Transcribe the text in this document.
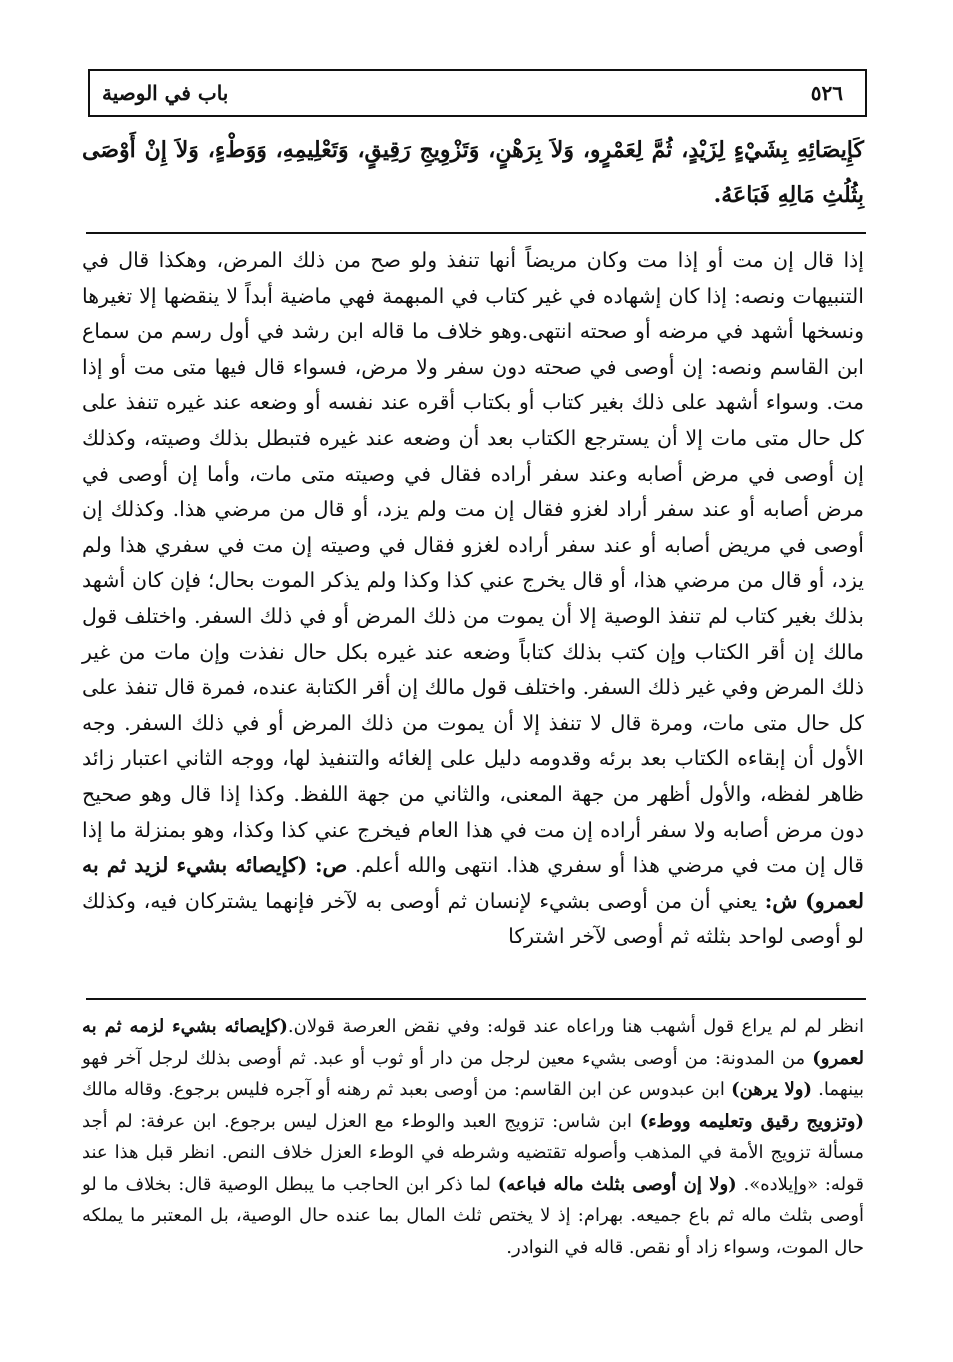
باب في الوصية	٥٢٦
كَإِيصَائِهِ بِشَيْءٍ لِزَيْدٍ، ثُمَّ لِعَمْرٍو، وَلاَ بِرَهْنٍ، وَتَزْوِيجِ رَقِيقٍ، وَتَعْلِيمِهِ، وَوَطْءٍ، وَلاَ إِنْ أَوْصَى بِثُلُثِ مَالِهِ فَبَاعَهُ.
إذا قال إن مت أو إذا مت وكان مريضاً أنها تنفذ ولو صح من ذلك المرض، وهكذا قال في التنبيهات ونصه: إذا كان إشهاده في غير كتاب في المبهمة فهي ماضية أبداً لا ينقضها إلا تغيرها ونسخها أشهد في مرضه أو صحته انتهى.وهو خلاف ما قاله ابن رشد في أول رسم من سماع ابن القاسم ونصه: إن أوصى في صحته دون سفر ولا مرض، فسواء قال فيها متى مت أو إذا مت. وسواء أشهد على ذلك بغير كتاب أو بكتاب أقره عند نفسه أو وضعه عند غيره تنفذ على كل حال متى مات إلا أن يسترجع الكتاب بعد أن وضعه عند غيره فتبطل بذلك وصيته، وكذلك إن أوصى في مرض أصابه وعند سفر أراده فقال في وصيته متى مات، وأما إن أوصى في مرض أصابه أو عند سفر أراد لغزو فقال إن مت ولم يزد، أو قال من مرضي هذا. وكذلك إن أوصى في مريض أصابه أو عند سفر أراده لغزو فقال في وصيته إن مت في سفري هذا ولم يزد، أو قال من مرضي هذا، أو قال يخرج عني كذا وكذا ولم يذكر الموت بحال؛ فإن كان أشهد بذلك بغير كتاب لم تنفذ الوصية إلا أن يموت من ذلك المرض أو في ذلك السفر. واختلف قول مالك إن أقر الكتاب وإن كتب بذلك كتاباً وضعه عند غيره بكل حال نفذت وإن مات من غير ذلك المرض وفي غير ذلك السفر. واختلف قول مالك إن أقر الكتابة عنده، فمرة قال تنفذ على كل حال متى مات، ومرة قال لا تنفذ إلا أن يموت من ذلك المرض أو في ذلك السفر. وجه الأول أن إبقاءه الكتاب بعد برئه وقدومه دليل على إلغائه والتنفيذ لها، ووجه الثاني اعتبار زائد ظاهر لفظه، والأول أظهر من جهة المعنى، والثاني من جهة اللفظ. وكذا إذا قال وهو صحيح دون مرض أصابه ولا سفر أراده إن مت في هذا العام فيخرج عني كذا وكذا، وهو بمنزلة ما إذا قال إن مت في مرضي هذا أو سفري هذا. انتهى والله أعلم. ص: (كإيصائه بشيء لزيد ثم به لعمرو) ش: يعني أن من أوصى بشيء لإنسان ثم أوصى به لآخر فإنهما يشتركان فيه، وكذلك لو أوصى لواحد بثلثه ثم أوصى لآخر اشتركا
انظر لم لم يراع قول أشهب هنا وراعاه عند قوله: وفي نقض العرصة قولان.(كإيصائه بشيء لزمه ثم به لعمرو) من المدونة: من أوصى بشيء معين لرجل من دار أو ثوب أو عبد. ثم أوصى بذلك لرجل آخر فهو بينهما. (ولا يرهن) ابن عبدوس عن ابن القاسم: من أوصى بعبد ثم رهنه أو آجره فليس برجوع. وقاله مالك (وتزويج رقيق وتعليمه ووطء) ابن شاس: تزويج العبد والوطء مع العزل ليس برجوع. ابن عرفة: لم أجد مسألة تزويج الأمة في المذهب وأصوله تقتضيه وشرطه في الوطء العزل خلاف النص. انظر قبل هذا عند قوله: «وإيلاده». (ولا إن أوصى بثلث ماله فباعه) لما ذكر ابن الحاجب ما يبطل الوصية قال: بخلاف ما لو أوصى بثلث ماله ثم باع جميعه. بهرام: إذ لا يختص ثلث المال بما عنده حال الوصية، بل المعتبر ما يملكه حال الموت، وسواء زاد أو نقص. قاله في النوادر.
